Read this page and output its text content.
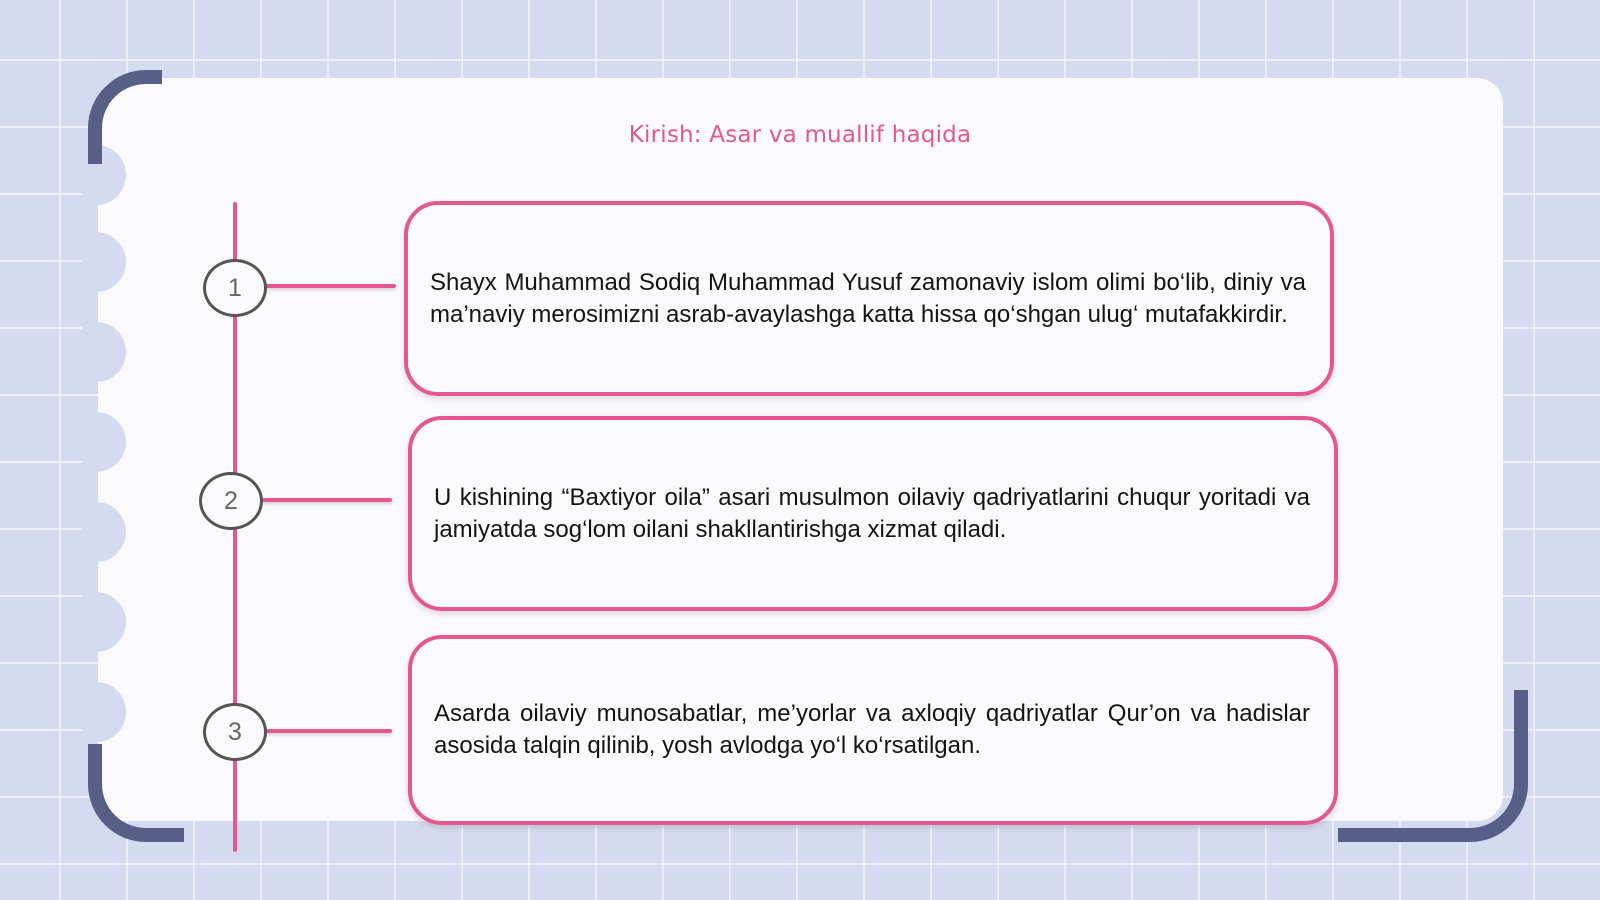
Kirish: Asar va muallif haqida
1
2
3

Shayx Muhammad Sodiq Muhammad Yusuf zamonaviy islom olimi bo‘lib, diniy va ma’naviy merosimizni asrab-avaylashga katta hissa qo‘shgan ulug‘ mutafakkirdir.

U kishining “Baxtiyor oila” asari musulmon oilaviy qadriyatlarini chuqur yoritadi va jamiyatda sog‘lom oilani shakllantirishga xizmat qiladi.

Asarda oilaviy munosabatlar, me’yorlar va axloqiy qadriyatlar Qur’on va hadislar asosida talqin qilinib, yosh avlodga yo‘l ko‘rsatilgan.
